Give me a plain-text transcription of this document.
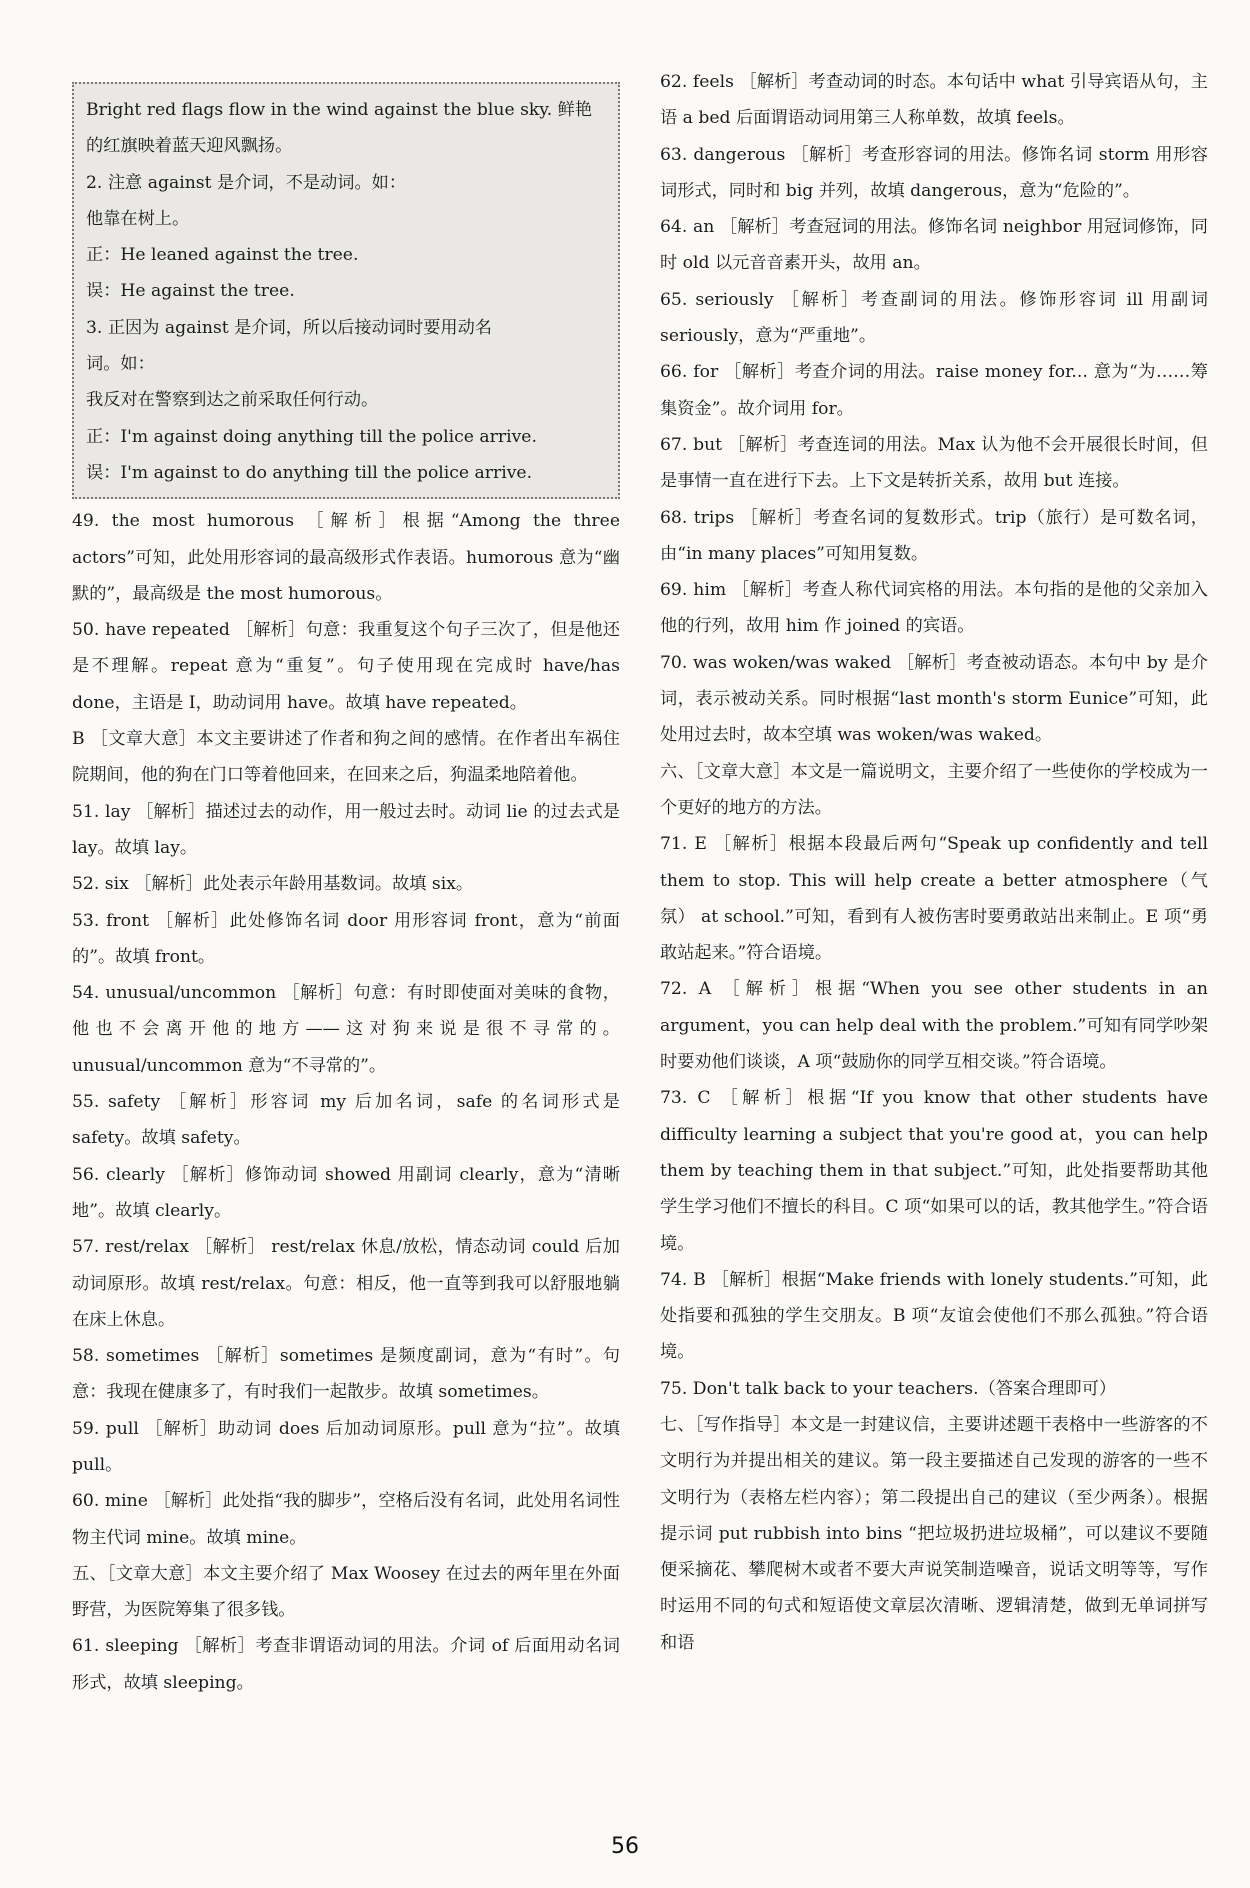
Bright red flags flow in the wind against the blue sky. 鲜艳
的红旗映着蓝天迎风飘扬。
2. 注意 against 是介词，不是动词。如：
他靠在树上。
正：He leaned against the tree.
误：He against the tree.
3. 正因为 against 是介词，所以后接动词时要用动名
词。如：
我反对在警察到达之前采取任何行动。
正：I'm against doing anything till the police arrive.
误：I'm against to do anything till the police arrive.

49. the most humorous ［解析］根据“Among the three actors”可知，此处用形容词的最高级形式作表语。humorous 意为“幽默的”，最高级是 the most humorous。

50. have repeated ［解析］句意：我重复这个句子三次了，但是他还是不理解。repeat 意为“重复”。句子使用现在完成时 have/has done，主语是 I，助动词用 have。故填 have repeated。

B ［文章大意］本文主要讲述了作者和狗之间的感情。在作者出车祸住院期间，他的狗在门口等着他回来，在回来之后，狗温柔地陪着他。

51. lay ［解析］描述过去的动作，用一般过去时。动词 lie 的过去式是 lay。故填 lay。

52. six ［解析］此处表示年龄用基数词。故填 six。

53. front ［解析］此处修饰名词 door 用形容词 front，意为“前面的”。故填 front。

54. unusual/uncommon ［解析］句意：有时即使面对美味的食物，他也不会离开他的地方——这对狗来说是很不寻常的。unusual/uncommon 意为“不寻常的”。

55. safety ［解析］形容词 my 后加名词，safe 的名词形式是 safety。故填 safety。

56. clearly ［解析］修饰动词 showed 用副词 clearly，意为“清晰地”。故填 clearly。

57. rest/relax ［解析］ rest/relax 休息/放松，情态动词 could 后加动词原形。故填 rest/relax。句意：相反，他一直等到我可以舒服地躺在床上休息。

58. sometimes ［解析］sometimes 是频度副词，意为“有时”。句意：我现在健康多了，有时我们一起散步。故填 sometimes。

59. pull ［解析］助动词 does 后加动词原形。pull 意为“拉”。故填 pull。

60. mine ［解析］此处指“我的脚步”，空格后没有名词，此处用名词性物主代词 mine。故填 mine。

五、［文章大意］本文主要介绍了 Max Woosey 在过去的两年里在外面野营，为医院筹集了很多钱。

61. sleeping ［解析］考查非谓语动词的用法。介词 of 后面用动名词形式，故填 sleeping。

62. feels ［解析］考查动词的时态。本句话中 what 引导宾语从句，主语 a bed 后面谓语动词用第三人称单数，故填 feels。

63. dangerous ［解析］考查形容词的用法。修饰名词 storm 用形容词形式，同时和 big 并列，故填 dangerous，意为“危险的”。

64. an ［解析］考查冠词的用法。修饰名词 neighbor 用冠词修饰，同时 old 以元音音素开头，故用 an。

65. seriously ［解析］考查副词的用法。修饰形容词 ill 用副词 seriously，意为“严重地”。

66. for ［解析］考查介词的用法。raise money for... 意为“为……筹集资金”。故介词用 for。

67. but ［解析］考查连词的用法。Max 认为他不会开展很长时间，但是事情一直在进行下去。上下文是转折关系，故用 but 连接。

68. trips ［解析］考查名词的复数形式。trip（旅行）是可数名词，由“in many places”可知用复数。

69. him ［解析］考查人称代词宾格的用法。本句指的是他的父亲加入他的行列，故用 him 作 joined 的宾语。

70. was woken/was waked ［解析］考查被动语态。本句中 by 是介词，表示被动关系。同时根据“last month's storm Eunice”可知，此处用过去时，故本空填 was woken/was waked。

六、［文章大意］本文是一篇说明文，主要介绍了一些使你的学校成为一个更好的地方的方法。

71. E ［解析］根据本段最后两句“Speak up confidently and tell them to stop. This will help create a better atmosphere（气氛） at school.”可知，看到有人被伤害时要勇敢站出来制止。E 项“勇敢站起来。”符合语境。

72. A ［解析］根据“When you see other students in an argument，you can help deal with the problem.”可知有同学吵架时要劝他们谈谈，A 项“鼓励你的同学互相交谈。”符合语境。

73. C ［解析］根据“If you know that other students have difficulty learning a subject that you're good at，you can help them by teaching them in that subject.”可知，此处指要帮助其他学生学习他们不擅长的科目。C 项“如果可以的话，教其他学生。”符合语境。

74. B ［解析］根据“Make friends with lonely students.”可知，此处指要和孤独的学生交朋友。B 项“友谊会使他们不那么孤独。”符合语境。

75. Don't talk back to your teachers.（答案合理即可）

七、［写作指导］本文是一封建议信，主要讲述题干表格中一些游客的不文明行为并提出相关的建议。第一段主要描述自己发现的游客的一些不文明行为（表格左栏内容）；第二段提出自己的建议（至少两条）。根据提示词 put rubbish into bins “把垃圾扔进垃圾桶”，可以建议不要随便采摘花、攀爬树木或者不要大声说笑制造噪音，说话文明等等，写作时运用不同的句式和短语使文章层次清晰、逻辑清楚，做到无单词拼写和语

56
